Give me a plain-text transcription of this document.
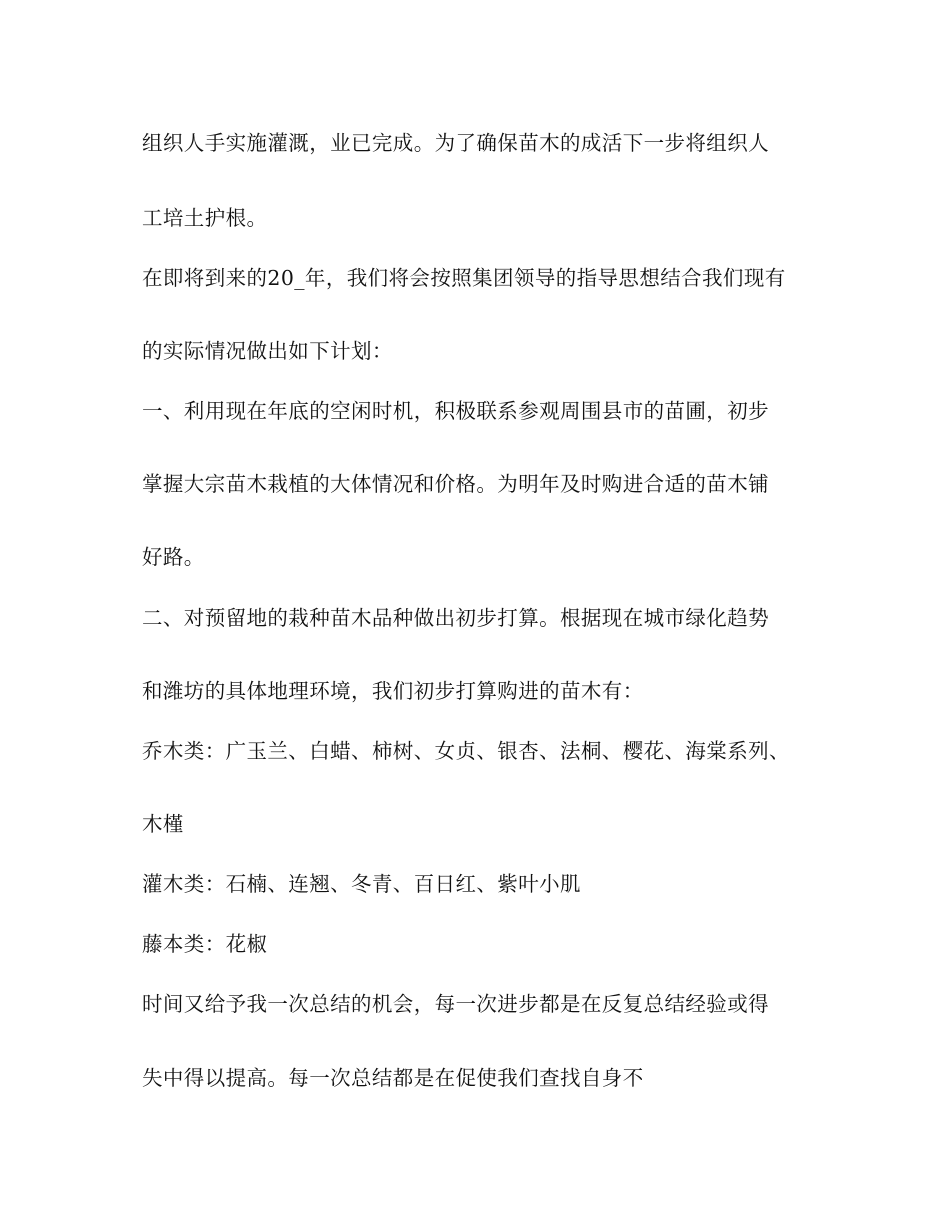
组织人手实施灌溉，业已完成。为了确保苗木的成活下一步将组织人
工培土护根。
在即将到来的20_年，我们将会按照集团领导的指导思想结合我们现有
的实际情况做出如下计划：
一、利用现在年底的空闲时机，积极联系参观周围县市的苗圃，初步
掌握大宗苗木栽植的大体情况和价格。为明年及时购进合适的苗木铺
好路。
二、对预留地的栽种苗木品种做出初步打算。根据现在城市绿化趋势
和潍坊的具体地理环境，我们初步打算购进的苗木有：
乔木类：广玉兰、白蜡、柿树、女贞、银杏、法桐、樱花、海棠系列、
木槿
灌木类：石楠、连翘、冬青、百日红、紫叶小肌
藤本类：花椒
时间又给予我一次总结的机会，每一次进步都是在反复总结经验或得
失中得以提高。每一次总结都是在促使我们查找自身不
